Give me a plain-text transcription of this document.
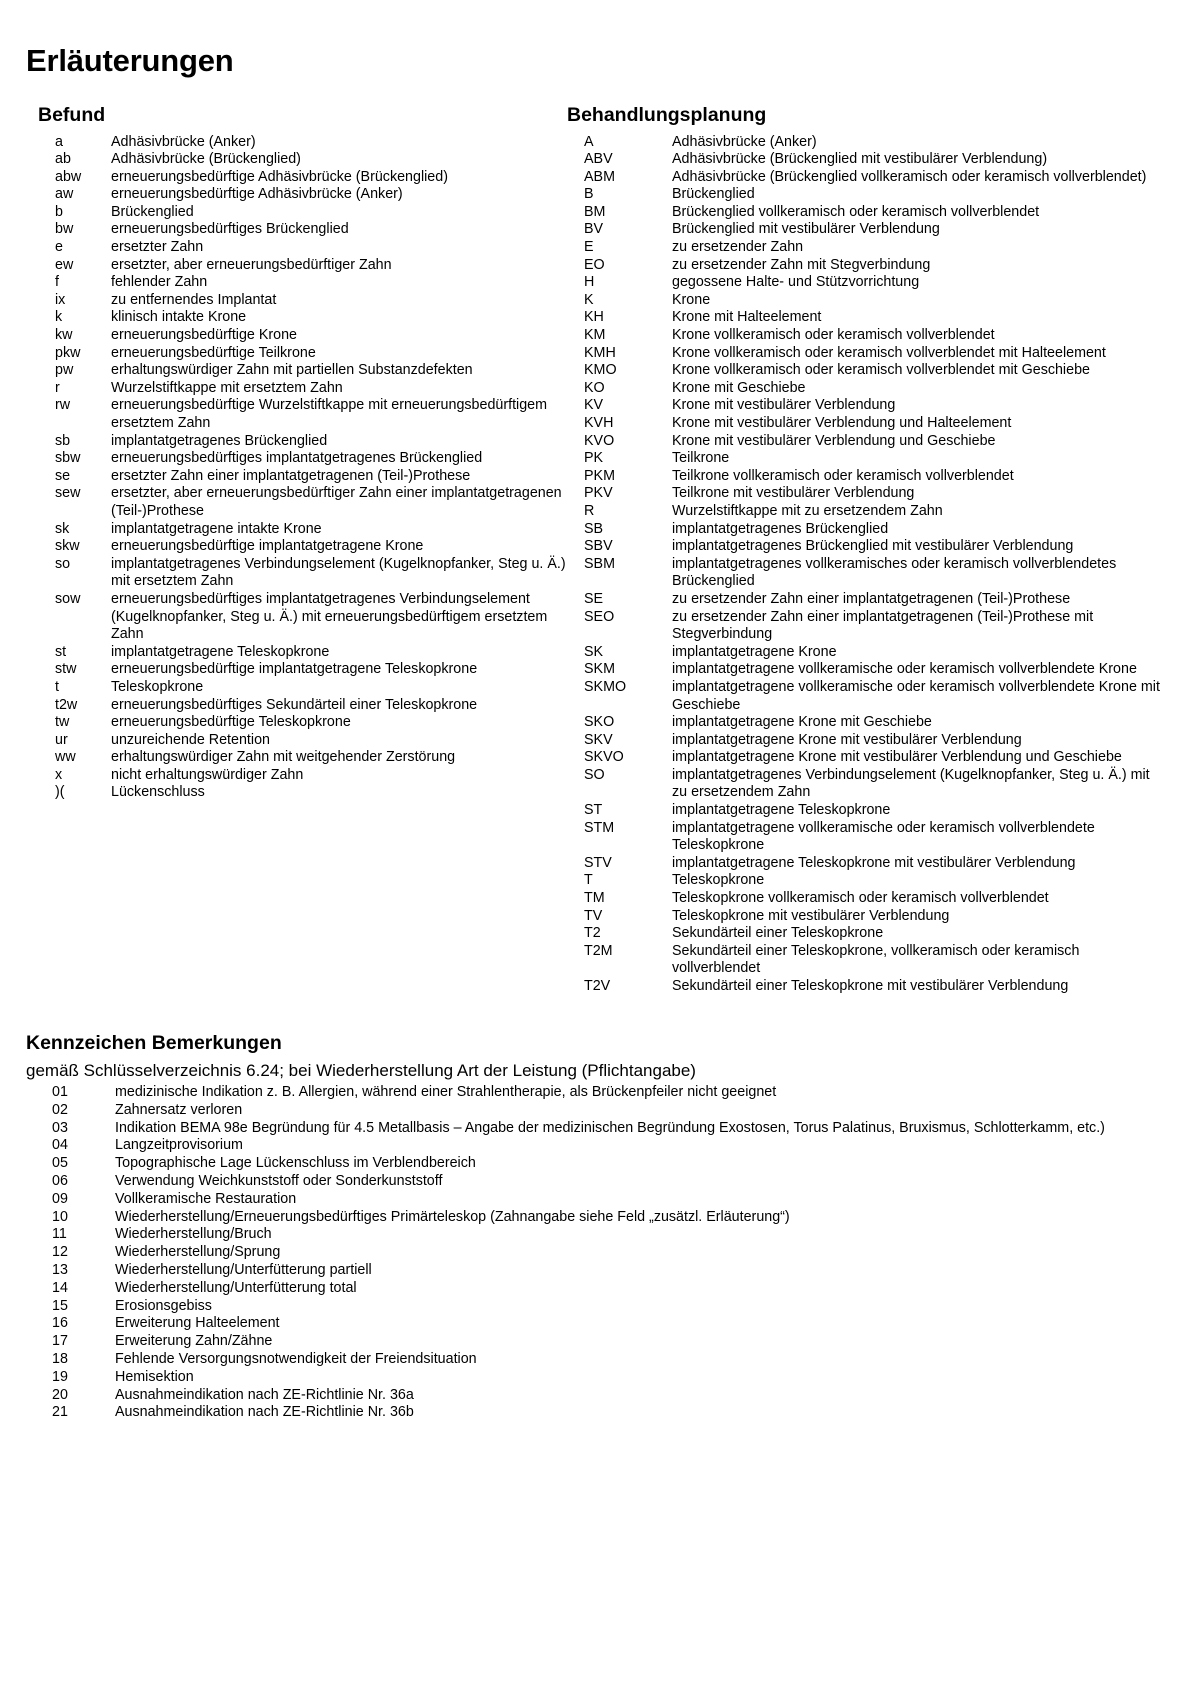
Erläuterungen
Befund
a	Adhäsivbrücke (Anker)
ab	Adhäsivbrücke (Brückenglied)
abw	erneuerungsbedürftige Adhäsivbrücke (Brückenglied)
aw	erneuerungsbedürftige Adhäsivbrücke (Anker)
b	Brückenglied
bw	erneuerungsbedürftiges Brückenglied
e	ersetzter Zahn
ew	ersetzter, aber erneuerungsbedürftiger Zahn
f	fehlender Zahn
ix	zu entfernendes Implantat
k	klinisch intakte Krone
kw	erneuerungsbedürftige Krone
pkw	erneuerungsbedürftige Teilkrone
pw	erhaltungswürdiger Zahn mit partiellen Substanzdefekten
r	Wurzelstiftkappe mit ersetztem Zahn
rw	erneuerungsbedürftige Wurzelstiftkappe mit erneuerungsbedürftigem ersetztem Zahn
sb	implantatgetragenes Brückenglied
sbw	erneuerungsbedürftiges implantatgetragenes Brückenglied
se	ersetzter Zahn einer implantatgetragenen (Teil-)Prothese
sew	ersetzter, aber erneuerungsbedürftiger Zahn einer implantatgetragenen (Teil-)Prothese
sk	implantatgetragene intakte Krone
skw	erneuerungsbedürftige implantatgetragene Krone
so	implantatgetragenes Verbindungselement (Kugelknopfanker, Steg u. Ä.) mit ersetztem Zahn
sow	erneuerungsbedürftiges implantatgetragenes Verbindungselement (Kugelknopfanker, Steg u. Ä.) mit erneuerungsbedürftigem ersetztem Zahn
st	implantatgetragene Teleskopkrone
stw	erneuerungsbedürftige implantatgetragene Teleskopkrone
t	Teleskopkrone
t2w	erneuerungsbedürftiges Sekundärteil einer Teleskopkrone
tw	erneuerungsbedürftige Teleskopkrone
ur	unzureichende Retention
ww	erhaltungswürdiger Zahn mit weitgehender Zerstörung
x	nicht erhaltungswürdiger Zahn
)(	Lückenschluss
Behandlungsplanung
A	Adhäsivbrücke (Anker)
ABV	Adhäsivbrücke (Brückenglied mit vestibulärer Verblendung)
ABM	Adhäsivbrücke (Brückenglied vollkeramisch oder keramisch vollverblendet)
B	Brückenglied
BM	Brückenglied vollkeramisch oder keramisch vollverblendet
BV	Brückenglied mit vestibulärer Verblendung
E	zu ersetzender Zahn
EO	zu ersetzender Zahn mit Stegverbindung
H	gegossene Halte- und Stützvorrichtung
K	Krone
KH	Krone mit Halteelement
KM	Krone vollkeramisch oder keramisch vollverblendet
KMH	Krone vollkeramisch oder keramisch vollverblendet mit Halteelement
KMO	Krone vollkeramisch oder keramisch vollverblendet mit Geschiebe
KO	Krone mit Geschiebe
KV	Krone mit vestibulärer Verblendung
KVH	Krone mit vestibulärer Verblendung und Halteelement
KVO	Krone mit vestibulärer Verblendung und Geschiebe
PK	Teilkrone
PKM	Teilkrone vollkeramisch oder keramisch vollverblendet
PKV	Teilkrone mit vestibulärer Verblendung
R	Wurzelstiftkappe mit zu ersetzendem Zahn
SB	implantatgetragenes Brückenglied
SBV	implantatgetragenes Brückenglied mit vestibulärer Verblendung
SBM	implantatgetragenes vollkeramisches oder keramisch vollverblendetes Brückenglied
SE	zu ersetzender Zahn einer implantatgetragenen (Teil-)Prothese
SEO	zu ersetzender Zahn einer implantatgetragenen (Teil-)Prothese mit Stegverbindung
SK	implantatgetragene Krone
SKM	implantatgetragene vollkeramische oder keramisch vollverblendete Krone
SKMO	implantatgetragene vollkeramische oder keramisch vollverblendete Krone mit Geschiebe
SKO	implantatgetragene Krone mit Geschiebe
SKV	implantatgetragene Krone mit vestibulärer Verblendung
SKVO	implantatgetragene Krone mit vestibulärer Verblendung und Geschiebe
SO	implantatgetragenes Verbindungselement (Kugelknopfanker, Steg u. Ä.) mit zu ersetzendem Zahn
ST	implantatgetragene Teleskopkrone
STM	implantatgetragene vollkeramische oder keramisch vollverblendete Teleskopkrone
STV	implantatgetragene Teleskopkrone mit vestibulärer Verblendung
T	Teleskopkrone
TM	Teleskopkrone vollkeramisch oder keramisch vollverblendet
TV	Teleskopkrone mit vestibulärer Verblendung
T2	Sekundärteil einer Teleskopkrone
T2M	Sekundärteil einer Teleskopkrone, vollkeramisch oder keramisch vollverblendet
T2V	Sekundärteil einer Teleskopkrone mit vestibulärer Verblendung
Kennzeichen Bemerkungen

gemäß Schlüsselverzeichnis 6.24; bei Wiederherstellung Art der Leistung (Pflichtangabe)

01	medizinische Indikation z. B. Allergien, während einer Strahlentherapie, als Brückenpfeiler nicht geeignet
02	Zahnersatz verloren
03	Indikation BEMA 98e Begründung für 4.5 Metallbasis – Angabe der medizinischen Begründung Exostosen, Torus Palatinus, Bruxismus, Schlotterkamm, etc.)
04	Langzeitprovisorium
05	Topographische Lage Lückenschluss im Verblendbereich
06	Verwendung Weichkunststoff oder Sonderkunststoff
09	Vollkeramische Restauration
10	Wiederherstellung/Erneuerungsbedürftiges Primärteleskop (Zahnangabe siehe Feld „zusätzl. Erläuterung“)
11	Wiederherstellung/Bruch
12	Wiederherstellung/Sprung
13	Wiederherstellung/Unterfütterung partiell
14	Wiederherstellung/Unterfütterung total
15	Erosionsgebiss
16	Erweiterung Halteelement
17	Erweiterung Zahn/Zähne
18	Fehlende Versorgungsnotwendigkeit der Freiendsituation
19	Hemisektion
20	Ausnahmeindikation nach ZE-Richtlinie Nr. 36a
21	Ausnahmeindikation nach ZE-Richtlinie Nr. 36b
